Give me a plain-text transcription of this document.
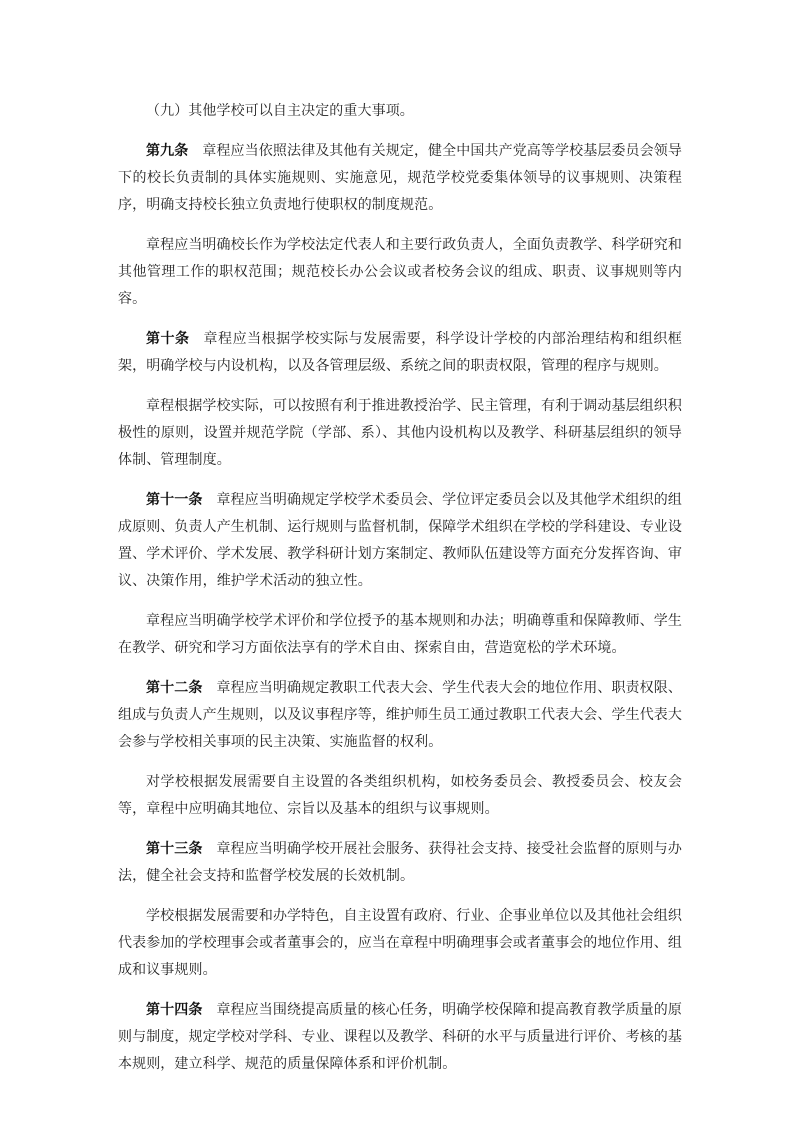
（九）其他学校可以自主决定的重大事项。

第九条 章程应当依照法律及其他有关规定，健全中国共产党高等学校基层委员会领导下的校长负责制的具体实施规则、实施意见，规范学校党委集体领导的议事规则、决策程序，明确支持校长独立负责地行使职权的制度规范。

章程应当明确校长作为学校法定代表人和主要行政负责人，全面负责教学、科学研究和其他管理工作的职权范围；规范校长办公会议或者校务会议的组成、职责、议事规则等内容。

第十条 章程应当根据学校实际与发展需要，科学设计学校的内部治理结构和组织框架，明确学校与内设机构，以及各管理层级、系统之间的职责权限，管理的程序与规则。

章程根据学校实际，可以按照有利于推进教授治学、民主管理，有利于调动基层组织积极性的原则，设置并规范学院（学部、系）、其他内设机构以及教学、科研基层组织的领导体制、管理制度。

第十一条 章程应当明确规定学校学术委员会、学位评定委员会以及其他学术组织的组成原则、负责人产生机制、运行规则与监督机制，保障学术组织在学校的学科建设、专业设置、学术评价、学术发展、教学科研计划方案制定、教师队伍建设等方面充分发挥咨询、审议、决策作用，维护学术活动的独立性。

章程应当明确学校学术评价和学位授予的基本规则和办法；明确尊重和保障教师、学生在教学、研究和学习方面依法享有的学术自由、探索自由，营造宽松的学术环境。

第十二条 章程应当明确规定教职工代表大会、学生代表大会的地位作用、职责权限、组成与负责人产生规则，以及议事程序等，维护师生员工通过教职工代表大会、学生代表大会参与学校相关事项的民主决策、实施监督的权利。

对学校根据发展需要自主设置的各类组织机构，如校务委员会、教授委员会、校友会等，章程中应明确其地位、宗旨以及基本的组织与议事规则。

第十三条 章程应当明确学校开展社会服务、获得社会支持、接受社会监督的原则与办法，健全社会支持和监督学校发展的长效机制。

学校根据发展需要和办学特色，自主设置有政府、行业、企事业单位以及其他社会组织代表参加的学校理事会或者董事会的，应当在章程中明确理事会或者董事会的地位作用、组成和议事规则。

第十四条 章程应当围绕提高质量的核心任务，明确学校保障和提高教育教学质量的原则与制度，规定学校对学科、专业、课程以及教学、科研的水平与质量进行评价、考核的基本规则，建立科学、规范的质量保障体系和评价机制。
